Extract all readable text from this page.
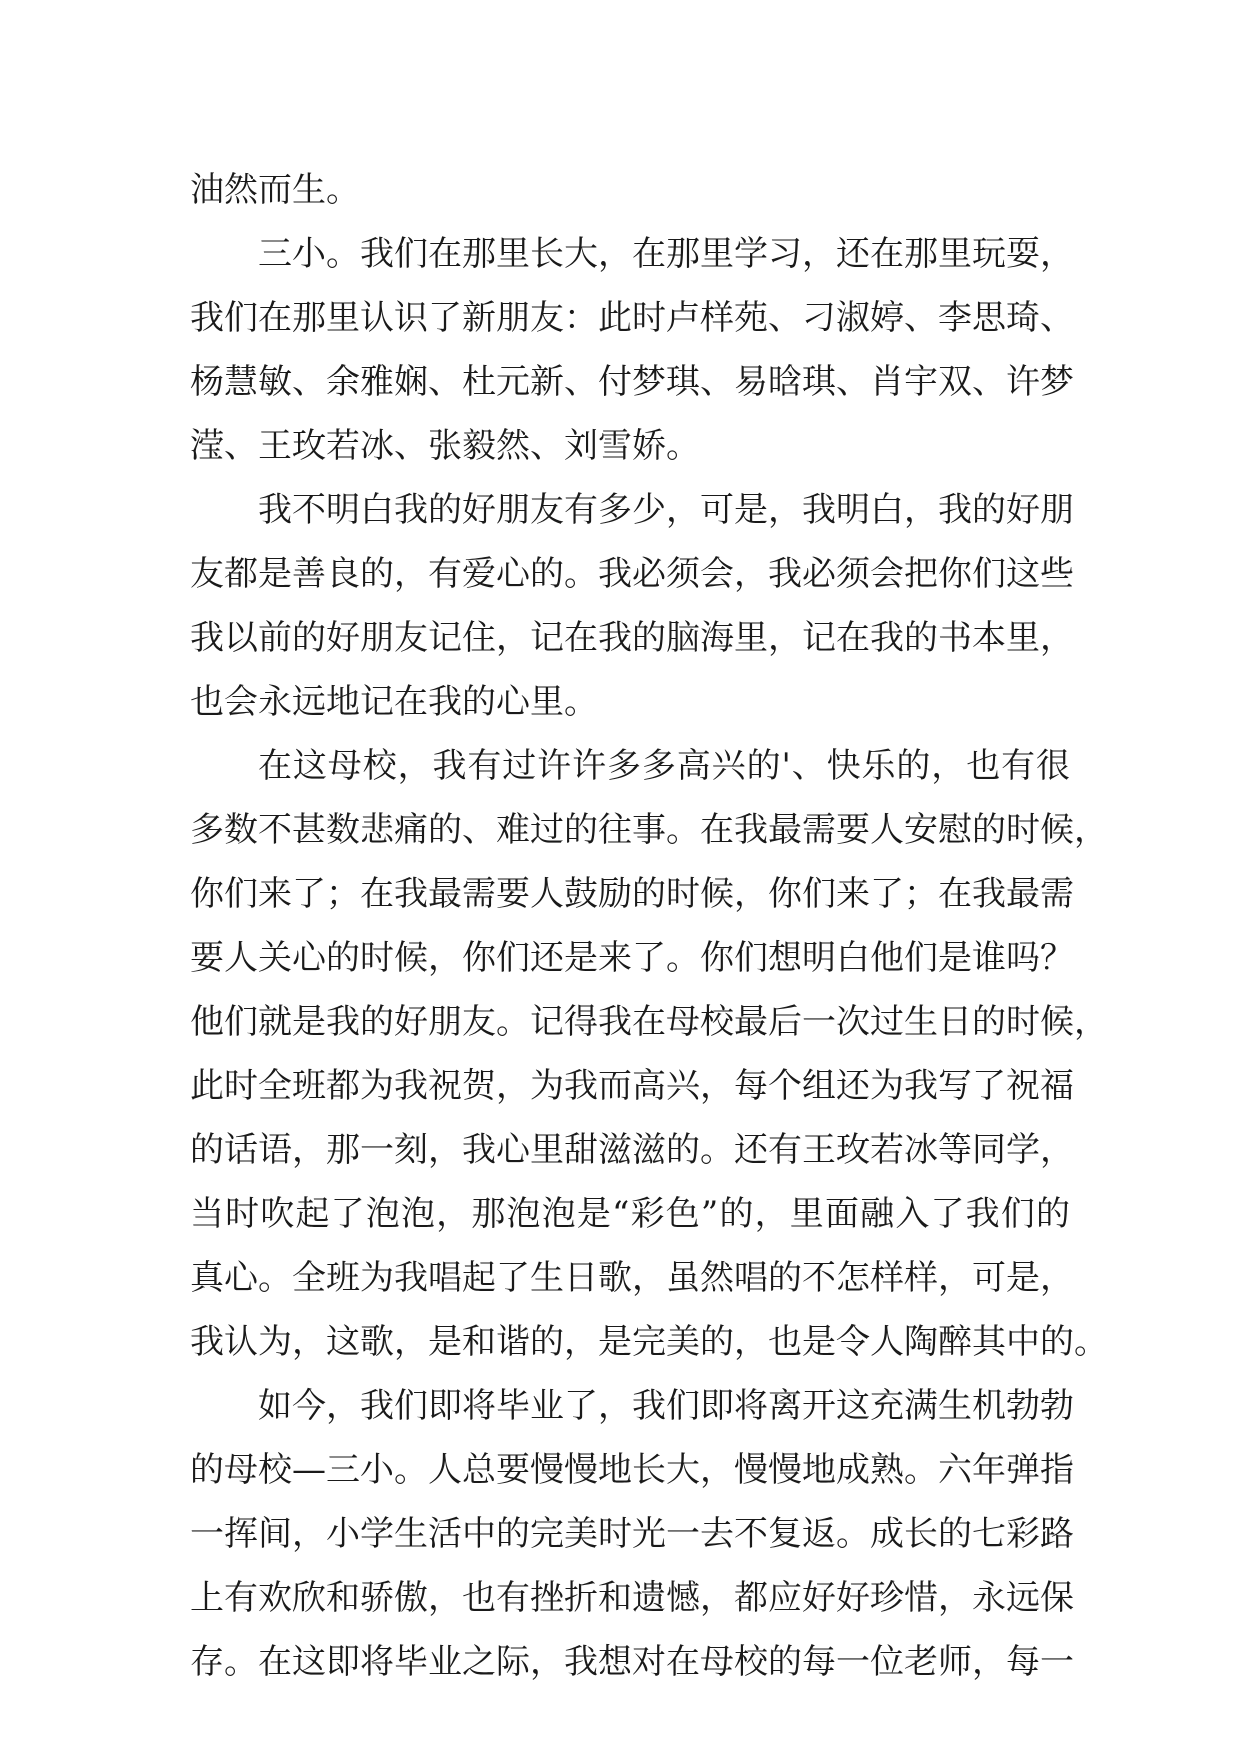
油然而生。
三小。我们在那里长大，在那里学习，还在那里玩耍，
我们在那里认识了新朋友：此时卢样苑、刁淑婷、李思琦、
杨慧敏、余雅娴、杜元新、付梦琪、易晗琪、肖宇双、许梦
滢、王玫若冰、张毅然、刘雪娇。
我不明白我的好朋友有多少，可是，我明白，我的好朋
友都是善良的，有爱心的。我必须会，我必须会把你们这些
我以前的好朋友记住，记在我的脑海里，记在我的书本里，
也会永远地记在我的心里。
在这母校，我有过许许多多高兴的'、快乐的，也有很
多数不甚数悲痛的、难过的往事。在我最需要人安慰的时候，
你们来了；在我最需要人鼓励的时候，你们来了；在我最需
要人关心的时候，你们还是来了。你们想明白他们是谁吗？
他们就是我的好朋友。记得我在母校最后一次过生日的时候，
此时全班都为我祝贺，为我而高兴，每个组还为我写了祝福
的话语，那一刻，我心里甜滋滋的。还有王玫若冰等同学，
当时吹起了泡泡，那泡泡是“彩色”的，里面融入了我们的
真心。全班为我唱起了生日歌，虽然唱的不怎样样，可是，
我认为，这歌，是和谐的，是完美的，也是令人陶醉其中的。
如今，我们即将毕业了，我们即将离开这充满生机勃勃
的母校—三小。人总要慢慢地长大，慢慢地成熟。六年弹指
一挥间，小学生活中的完美时光一去不复返。成长的七彩路
上有欢欣和骄傲，也有挫折和遗憾，都应好好珍惜，永远保
存。在这即将毕业之际，我想对在母校的每一位老师，每一
